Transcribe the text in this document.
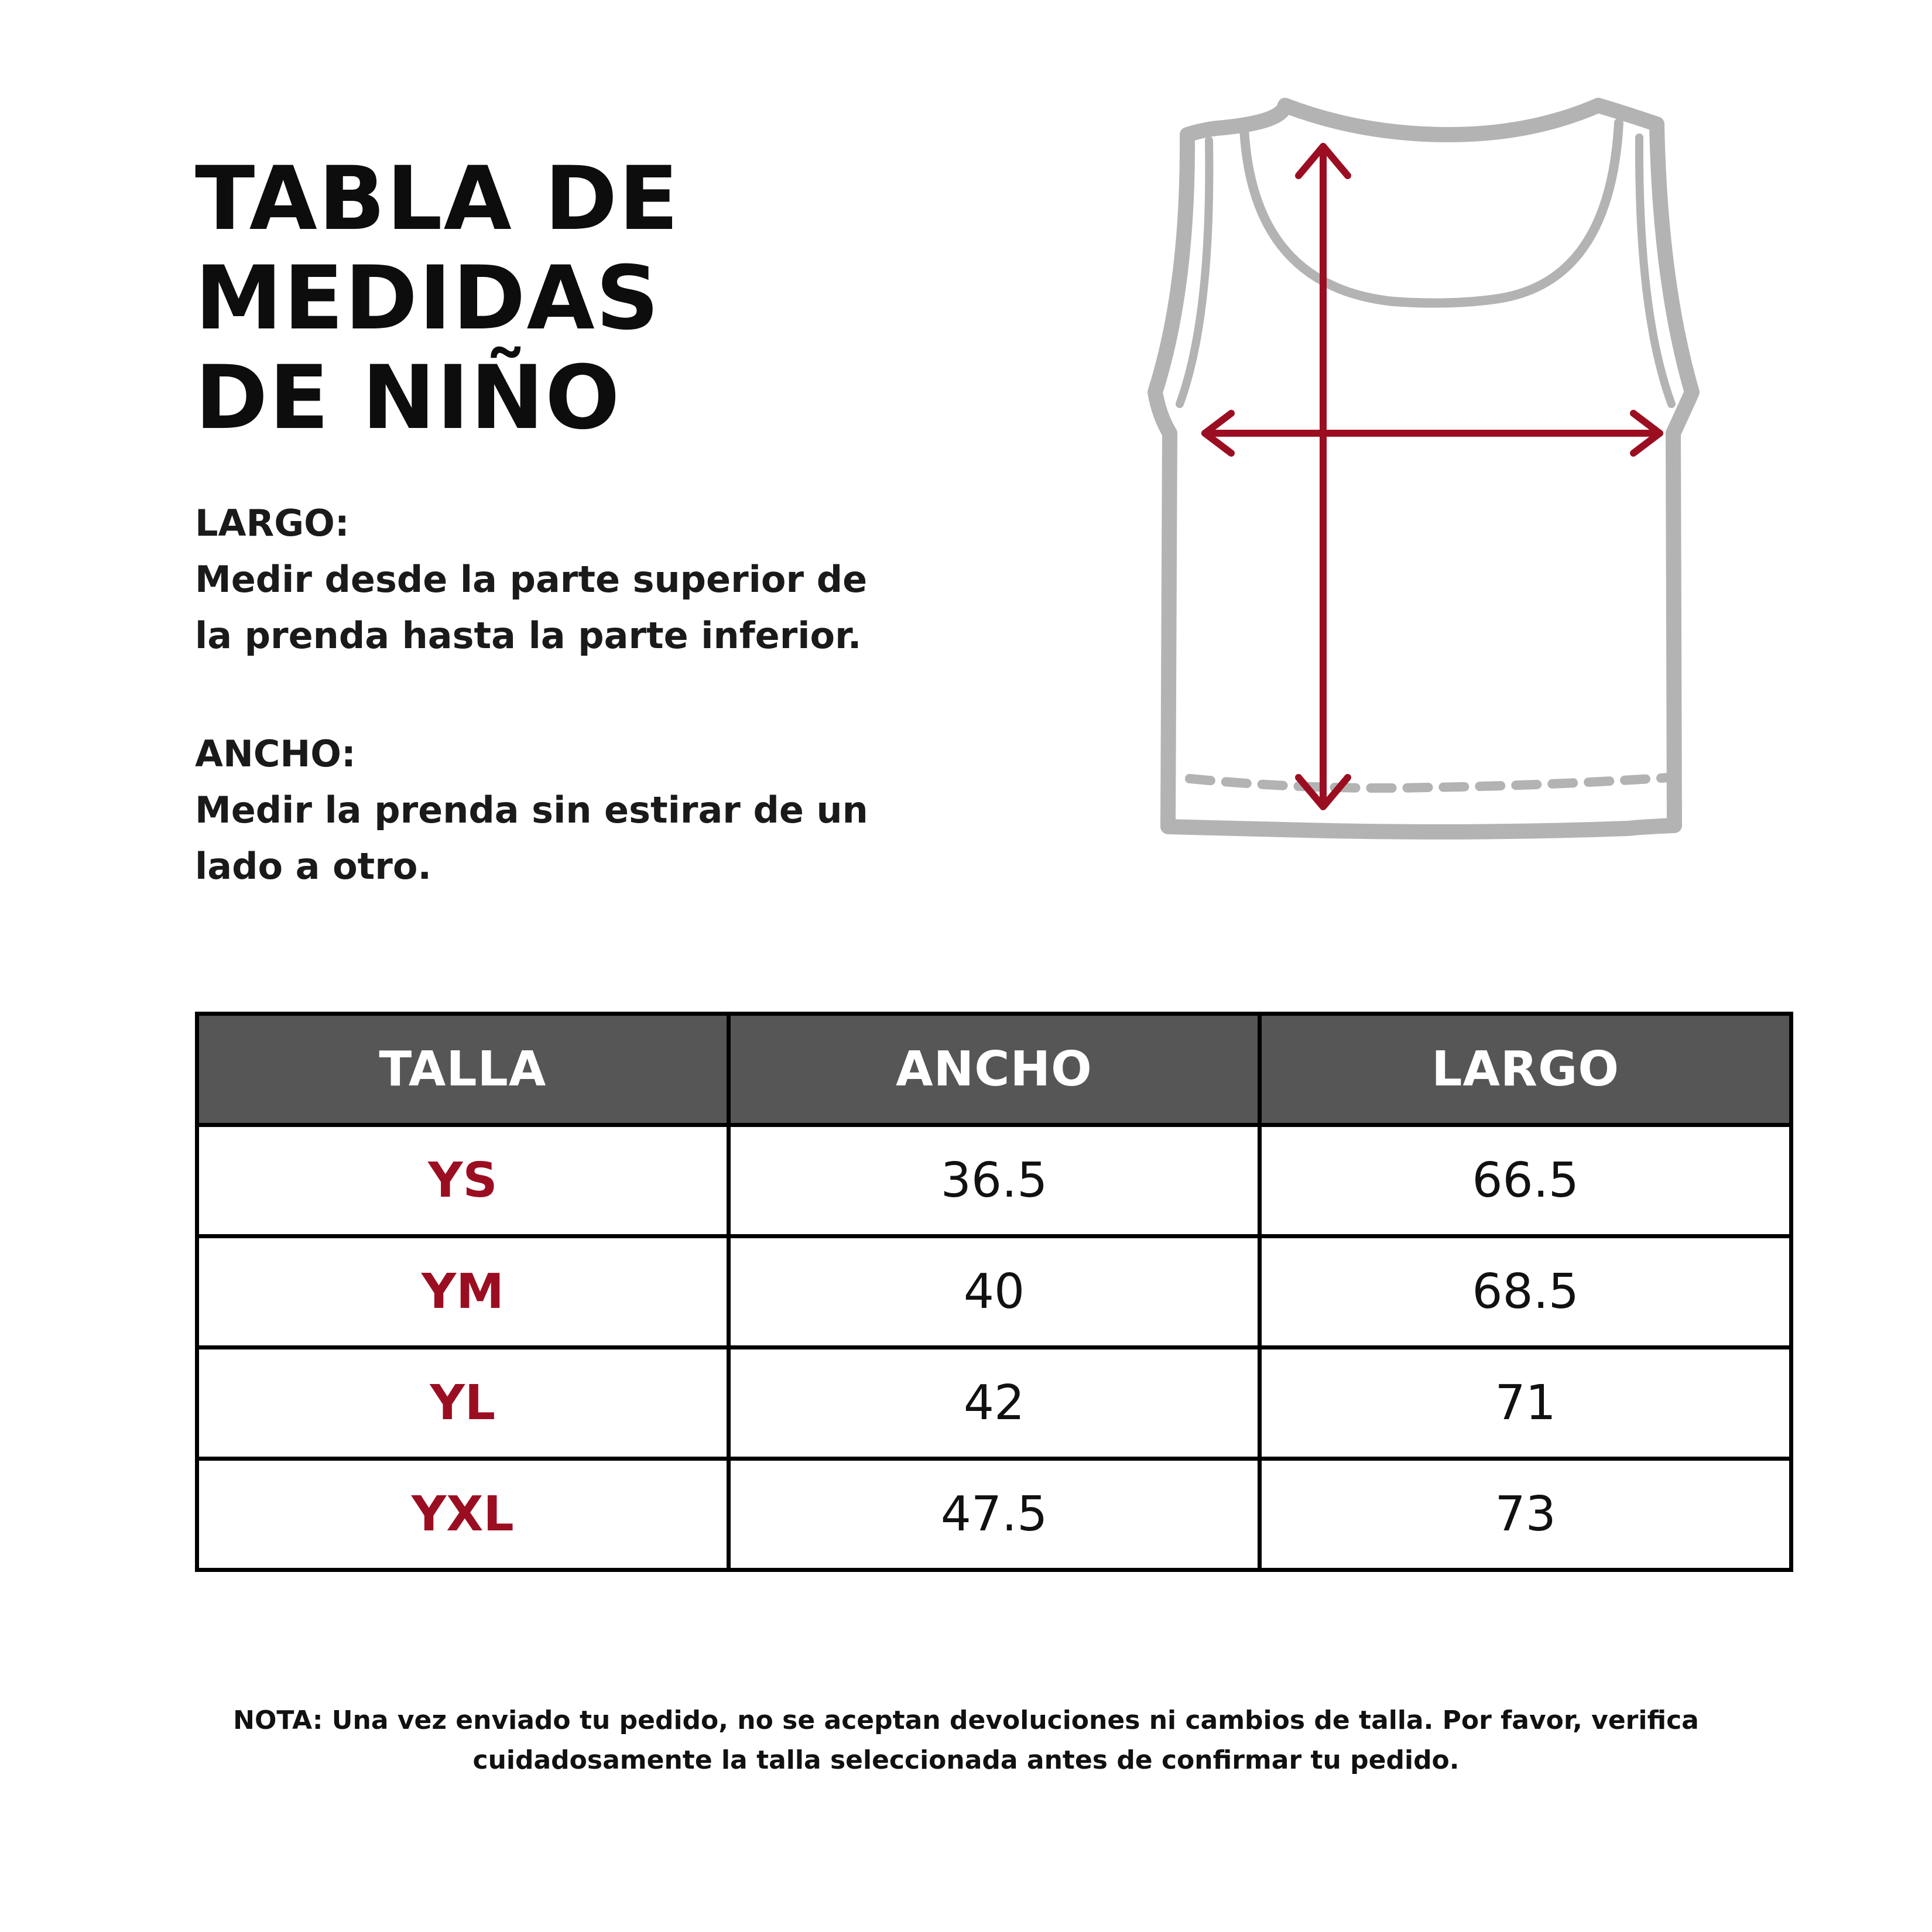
TABLA DE
MEDIDAS
DE NIÑO
LARGO:
Medir desde la parte superior de
la prenda hasta la parte inferior.
ANCHO:
Medir la prenda sin estirar de un
lado a otro.
TALLA	ANCHO	LARGO
YS	36.5	66.5
YM	40	68.5
YL	42	71
YXL	47.5	73
NOTA: Una vez enviado tu pedido, no se aceptan devoluciones ni cambios de talla. Por favor, verifica
cuidadosamente la talla seleccionada antes de confirmar tu pedido.
